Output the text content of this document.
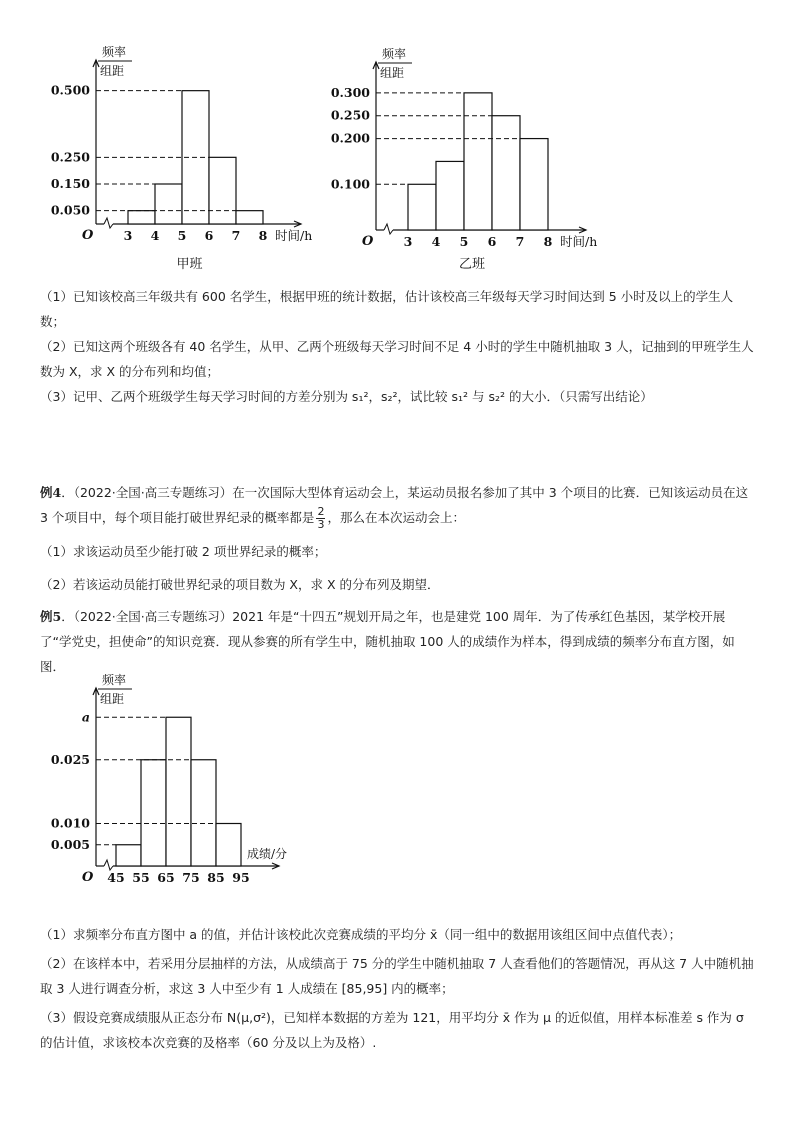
频率
组距
O
0.050
0.150
0.250
0.500
3 4 5 6 7 8 时间/h
甲班
频率
组距
O
0.100
0.200
0.250
0.300
3 4 5 6 7 8 时间/h
乙班
频率
组距
O
0.005
0.010
0.025
a
45 55 65 75 85 95
成绩/分

（1）已知该校高三年级共有 600 名学生，根据甲班的统计数据，估计该校高三年级每天学习时间达到 5 小时及以上的学生人数；

（2）已知这两个班级各有 40 名学生，从甲、乙两个班级每天学习时间不足 4 小时的学生中随机抽取 3 人，记抽到的甲班学生人数为 X，求 X 的分布列和均值；

（3）记甲、乙两个班级学生每天学习时间的方差分别为 s₁²，s₂²，试比较 s₁² 与 s₂² 的大小．（只需写出结论）

例4．（2022·全国·高三专题练习）在一次国际大型体育运动会上，某运动员报名参加了其中 3 个项目的比赛．已知该运动员在这 3 个项目中，每个项目能打破世界纪录的概率都是 $\frac{2}{3}$ ，那么在本次运动会上：

（1）求该运动员至少能打破 2 项世界纪录的概率；

（2）若该运动员能打破世界纪录的项目数为 X，求 X 的分布列及期望．

例5．（2022·全国·高三专题练习）2021 年是“十四五”规划开局之年，也是建党 100 周年．为了传承红色基因，某学校开展了“学党史，担使命”的知识竞赛．现从参赛的所有学生中，随机抽取 100 人的成绩作为样本，得到成绩的频率分布直方图，如图．

（1）求频率分布直方图中 a 的值，并估计该校此次竞赛成绩的平均分 x̄（同一组中的数据用该组区间中点值代表）；

（2）在该样本中，若采用分层抽样的方法，从成绩高于 75 分的学生中随机抽取 7 人查看他们的答题情况，再从这 7 人中随机抽取 3 人进行调查分析，求这 3 人中至少有 1 人成绩在 [85,95] 内的概率；

（3）假设竞赛成绩服从正态分布 N(μ,σ²)，已知样本数据的方差为 121，用平均分 x̄ 作为 μ 的近似值，用样本标准差 s 作为 σ 的估计值，求该校本次竞赛的及格率（60 分及以上为及格）.
